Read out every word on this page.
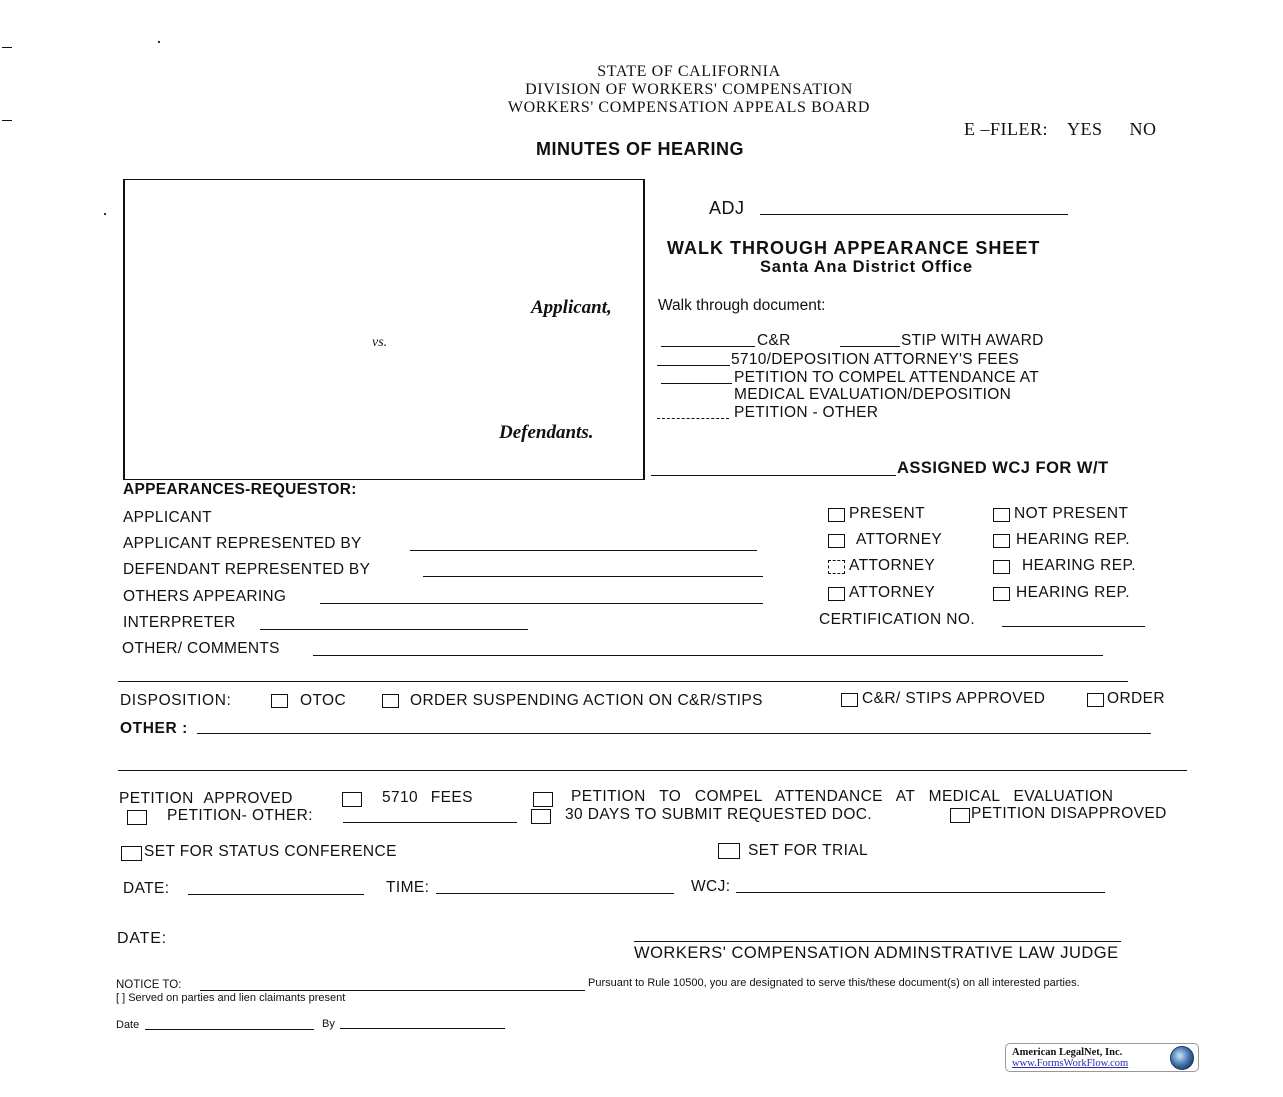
STATE OF CALIFORNIA
DIVISION OF WORKERS' COMPENSATION
WORKERS' COMPENSATION APPEALS BOARD
E –FILER: YES NO
MINUTES OF HEARING
Applicant,
vs.
Defendants.
ADJ
WALK THROUGH APPEARANCE SHEET
Santa Ana District Office
Walk through document:
C&R	STIP WITH AWARD
5710/DEPOSITION ATTORNEY'S FEES
PETITION TO COMPEL ATTENDANCE AT
MEDICAL EVALUATION/DEPOSITION
PETITION - OTHER
ASSIGNED WCJ FOR W/T
APPEARANCES-REQUESTOR:
APPLICANT
APPLICANT REPRESENTED BY
DEFENDANT REPRESENTED BY
OTHERS APPEARING
INTERPRETER
OTHER/ COMMENTS
PRESENT	NOT PRESENT
ATTORNEY	HEARING REP.
ATTORNEY	HEARING REP.
ATTORNEY	HEARING REP.
CERTIFICATION NO.
DISPOSITION:	OTOC	ORDER SUSPENDING ACTION ON C&R/STIPS	C&R/ STIPS APPROVED	ORDER
OTHER :
PETITION APPROVED	5710 FEES	PETITION TO COMPEL ATTENDANCE AT MEDICAL EVALUATION
PETITION- OTHER:	30 DAYS TO SUBMIT REQUESTED DOC.	PETITION DISAPPROVED
SET FOR STATUS CONFERENCE	SET FOR TRIAL
DATE:	TIME:	WCJ:
DATE:
WORKERS' COMPENSATION ADMINSTRATIVE LAW JUDGE
NOTICE TO:	Pursuant to Rule 10500, you are designated to serve this/these document(s) on all interested parties.
[ ] Served on parties and lien claimants present
Date	By
American LegalNet, Inc.
www.FormsWorkFlow.com
